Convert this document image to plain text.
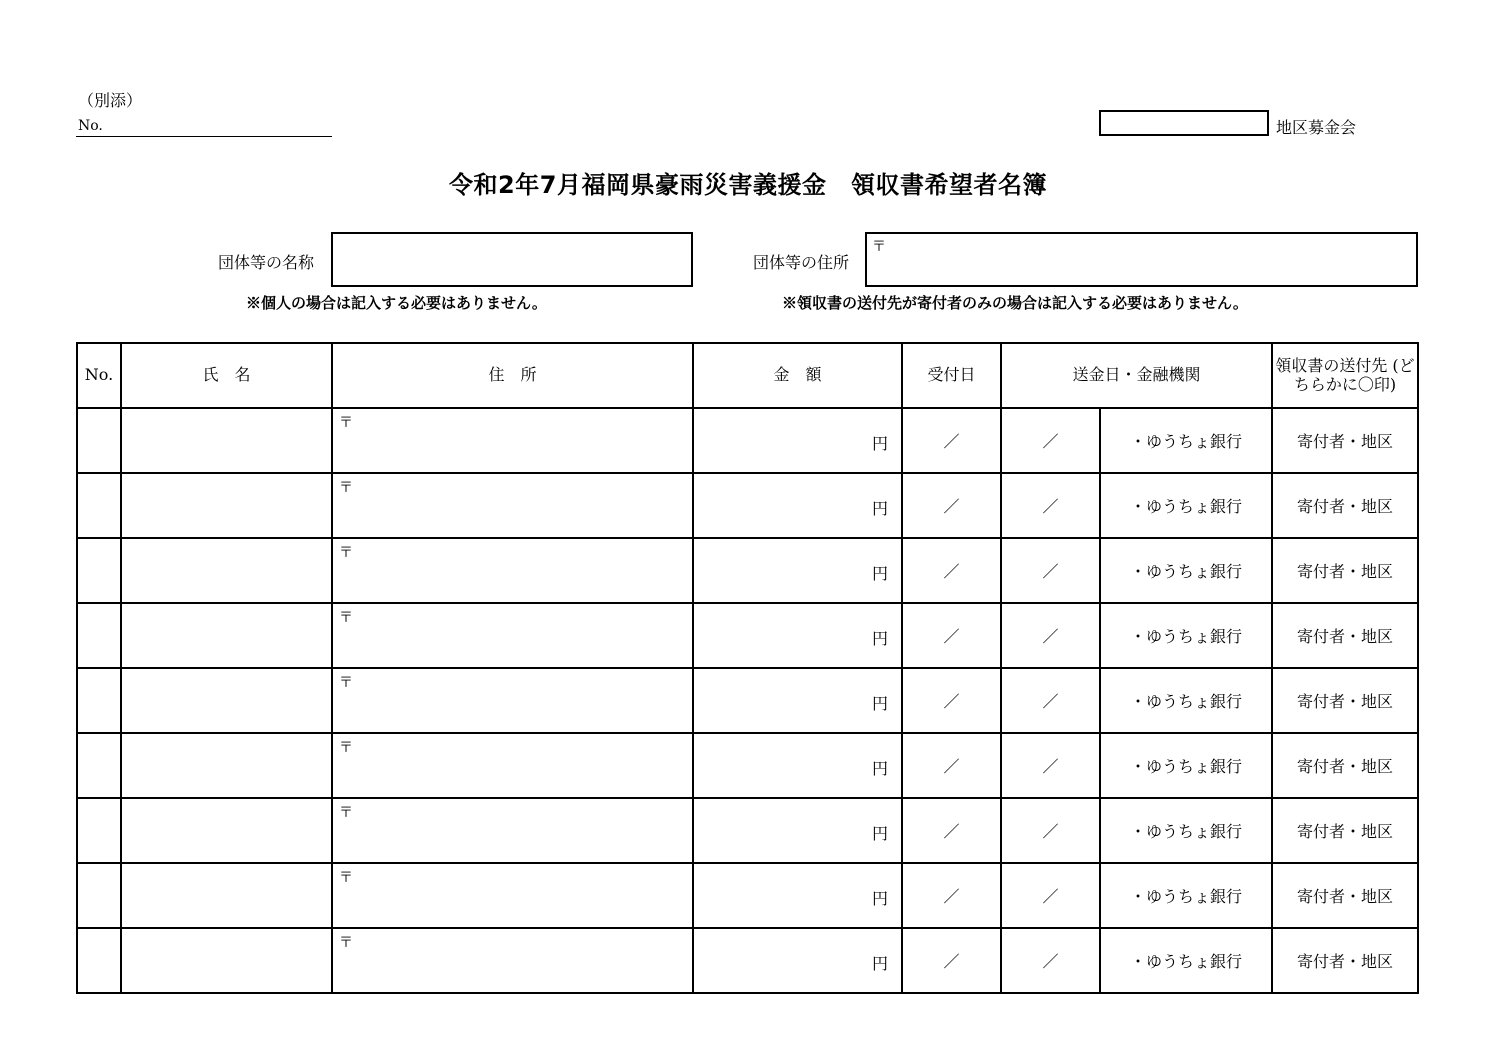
（別添）
No.	地区募金会
令和2年7月福岡県豪雨災害義援金　領収書希望者名簿
団体等の名称	団体等の住所
〒
※個人の場合は記入する必要はありません。	※領収書の送付先が寄付者のみの場合は記入する必要はありません。
No.	氏　名	住　所	金　額	受付日	送金日・金融機関		領収書の送付先 (どちらかに〇印)

		〒	円	／	／	・ゆうちょ銀行	寄付者・地区

		〒	円	／	／	・ゆうちょ銀行	寄付者・地区

		〒	円	／	／	・ゆうちょ銀行	寄付者・地区

		〒	円	／	／	・ゆうちょ銀行	寄付者・地区

		〒	円	／	／	・ゆうちょ銀行	寄付者・地区

		〒	円	／	／	・ゆうちょ銀行	寄付者・地区

		〒	円	／	／	・ゆうちょ銀行	寄付者・地区

		〒	円	／	／	・ゆうちょ銀行	寄付者・地区

		〒	円	／	／	・ゆうちょ銀行	寄付者・地区
